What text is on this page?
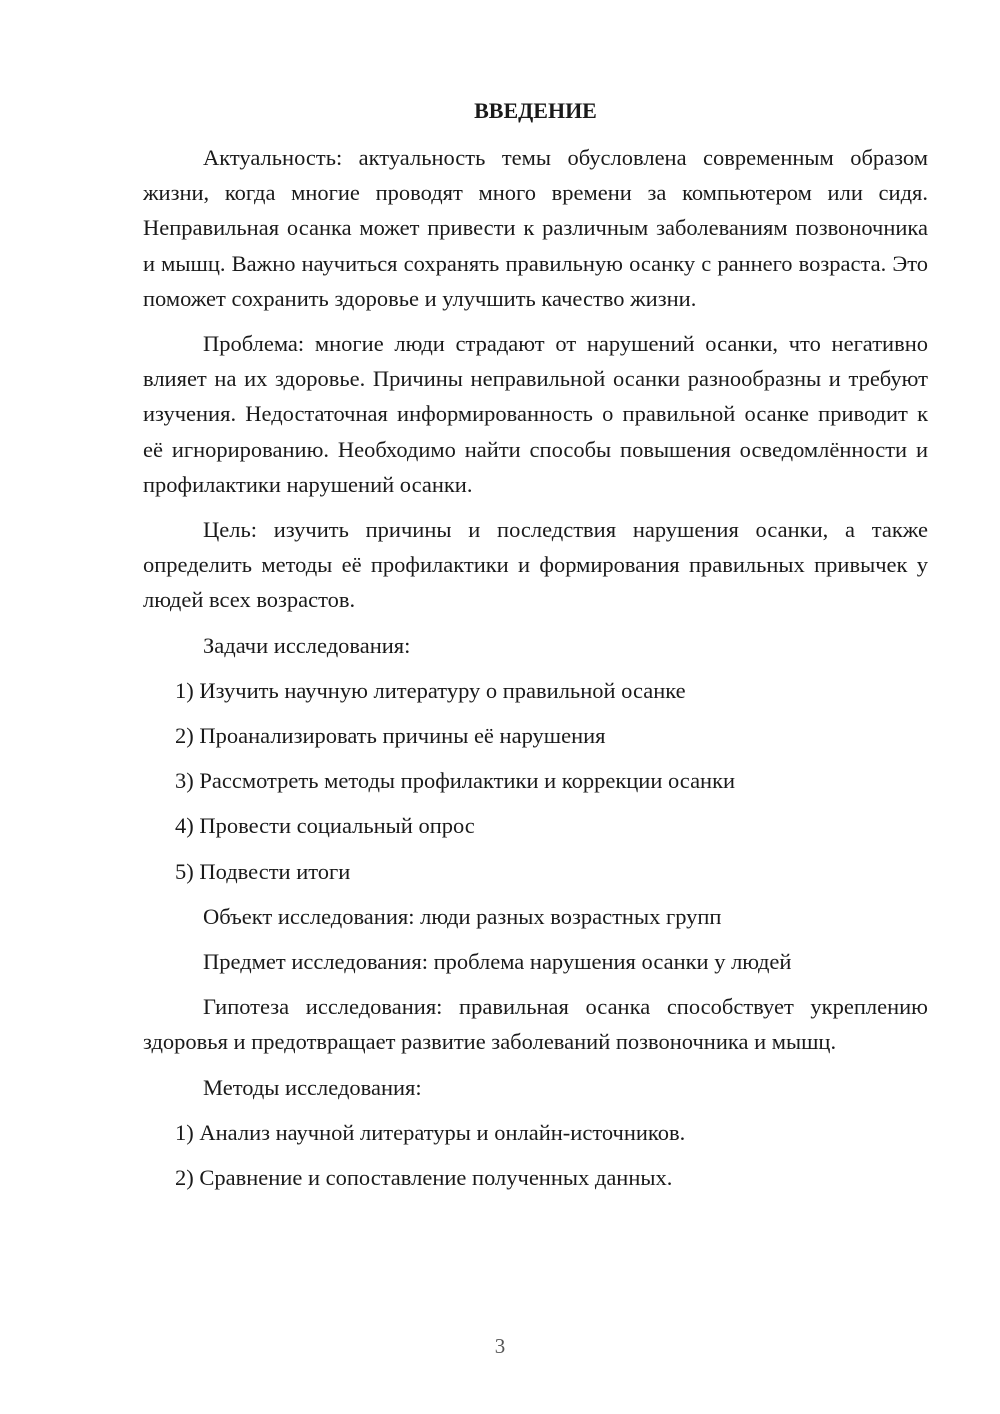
ВВЕДЕНИЕ

Актуальность: актуальность темы обусловлена современным образом жизни, когда многие проводят много времени за компьютером или сидя. Неправильная осанка может привести к различным заболеваниям позвоночника и мышц. Важно научиться сохранять правильную осанку с раннего возраста. Это поможет сохранить здоровье и улучшить качество жизни.

Проблема: многие люди страдают от нарушений осанки, что негативно влияет на их здоровье. Причины неправильной осанки разнообразны и требуют изучения. Недостаточная информированность о правильной осанке приводит к её игнорированию. Необходимо найти способы повышения осведомлённости и профилактики нарушений осанки.

Цель: изучить причины и последствия нарушения осанки, а также определить методы её профилактики и формирования правильных привычек у людей всех возрастов.

Задачи исследования:

1) Изучить научную литературу о правильной осанке

2) Проанализировать причины её нарушения

3) Рассмотреть методы профилактики и коррекции осанки

4) Провести социальный опрос

5) Подвести итоги

Объект исследования: люди разных возрастных групп

Предмет исследования: проблема нарушения осанки у людей

Гипотеза исследования: правильная осанка способствует укреплению здоровья и предотвращает развитие заболеваний позвоночника и мышц.

Методы исследования:

1) Анализ научной литературы и онлайн-источников.

2) Сравнение и сопоставление полученных данных.

3
